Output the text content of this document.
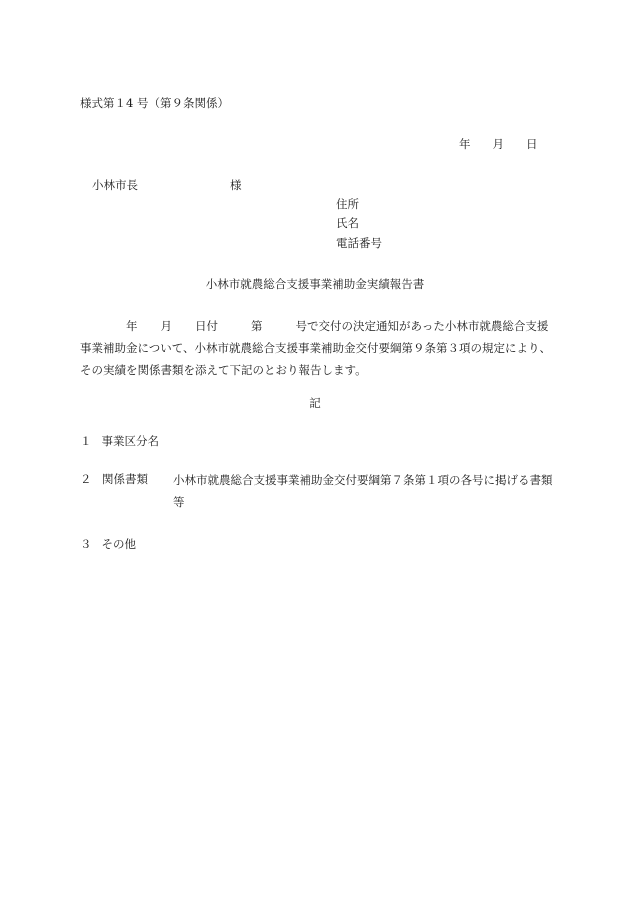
様式第１4 号（第９条関係）
年 月 日
小林市長	様
住所
氏名
電話番号
小林市就農総合支援事業補助金実績報告書
年 月 日付	第	号で交付の決定通知があった小林市就農総合支援事業補助金について、小林市就農総合支援事業補助金交付要綱第９条第３項の規定により、その実績を関係書類を添えて下記のとおり報告します。
記
１ 事業区分名
２ 関係書類 小林市就農総合支援事業補助金交付要綱第７条第１項の各号に掲げる書類等
３ その他
